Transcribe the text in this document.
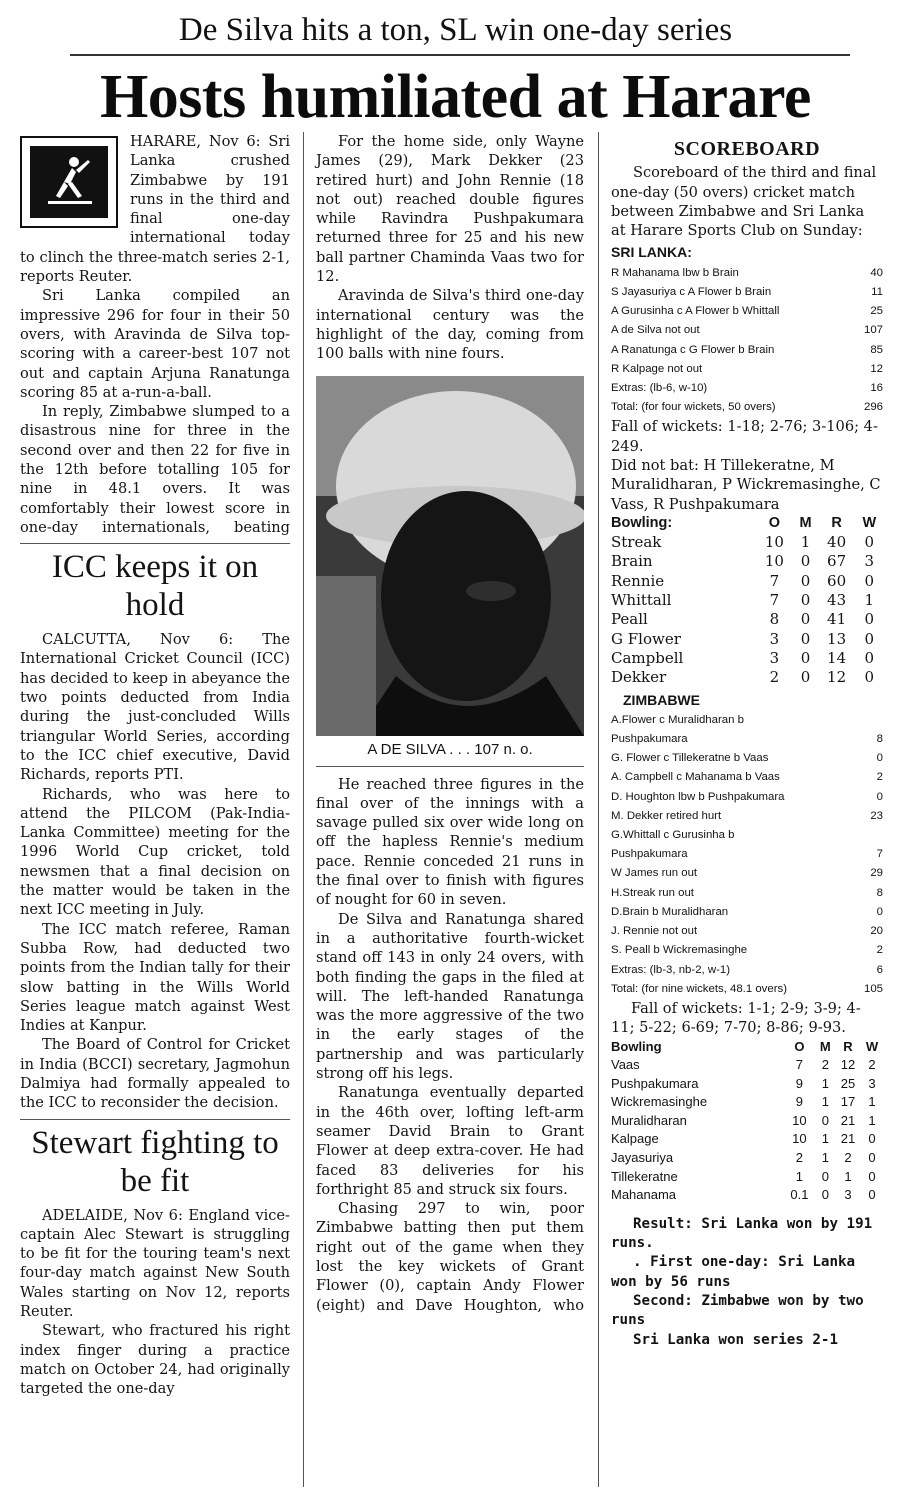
De Silva hits a ton, SL win one-day series
Hosts humiliated at Harare

HARARE, Nov 6: Sri Lanka crushed Zimbabwe by 191 runs in the third and final one-day international today to clinch the three-match series 2-1, reports Reuter.

Sri Lanka compiled an impressive 296 for four in their 50 overs, with Aravinda de Silva top-scoring with a career-best 107 not out and captain Arjuna Ranatunga scoring 85 at a-run-a-ball.

In reply, Zimbabwe slumped to a disastrous nine for three in the second over and then 22 for five in the 12th before totalling 105 for nine in 48.1 overs. It was comfortably their lowest score in one-day internationals, beating

ICC keeps it on hold

CALCUTTA, Nov 6: The International Cricket Council (ICC) has decided to keep in abeyance the two points deducted from India during the just-concluded Wills triangular World Series, according to the ICC chief executive, David Richards, reports PTI.

Richards, who was here to attend the PILCOM (Pak-India-Lanka Committee) meeting for the 1996 World Cup cricket, told newsmen that a final decision on the matter would be taken in the next ICC meeting in July.

The ICC match referee, Raman Subba Row, had deducted two points from the Indian tally for their slow batting in the Wills World Series league match against West Indies at Kanpur.

The Board of Control for Cricket in India (BCCI) secretary, Jagmohun Dalmiya had formally appealed to the ICC to reconsider the decision.

Stewart fighting to be fit

ADELAIDE, Nov 6: England vice-captain Alec Stewart is struggling to be fit for the touring team's next four-day match against New South Wales starting on Nov 12, reports Reuter.

Stewart, who fractured his right index finger during a practice match on October 24, had originally targeted the one-day

For the home side, only Wayne James (29), Mark Dekker (23 retired hurt) and John Rennie (18 not out) reached double figures while Ravindra Pushpakumara returned three for 25 and his new ball partner Chaminda Vaas two for 12.

Aravinda de Silva's third one-day international century was the highlight of the day, coming from 100 balls with nine fours.

A DE SILVA . . . 107 n. o.

He reached three figures in the final over of the innings with a savage pulled six over wide long on off the hapless Rennie's medium pace. Rennie conceded 21 runs in the final over to finish with figures of nought for 60 in seven.

De Silva and Ranatunga shared in a authoritative fourth-wicket stand off 143 in only 24 overs, with both finding the gaps in the filed at will. The left-handed Ranatunga was the more aggressive of the two in the early stages of the partnership and was particularly strong off his legs.

Ranatunga eventually departed in the 46th over, lofting left-arm seamer David Brain to Grant Flower at deep extra-cover. He had faced 83 deliveries for his forthright 85 and struck six fours.

Chasing 297 to win, poor Zimbabwe batting then put them right out of the game when they lost the key wickets of Grant Flower (0), captain Andy Flower (eight) and Dave Houghton, who

SCOREBOARD

Scoreboard of the third and final one-day (50 overs) cricket match between Zimbabwe and Sri Lanka at Harare Sports Club on Sunday:

SRI LANKA:
R Mahanama lbw b Brain	40
S Jayasuriya c A Flower b Brain	11
A Gurusinha c A Flower b Whittall	25
A de Silva not out	107
A Ranatunga c G Flower b Brain	85
R Kalpage not out	12
Extras: (lb-6, w-10)	16
Total: (for four wickets, 50 overs)	296
Fall of wickets: 1-18; 2-76; 3-106; 4-249.
Did not bat: H Tillekeratne, M Muralidharan, P Wickremasinghe, C Vass, R Pushpakumara
Bowling:	O	M	R	W
Streak	10	1	40	0
Brain	10	0	67	3
Rennie	7	0	60	0
Whittall	7	0	43	1
Peall	8	0	41	0
G Flower	3	0	13	0
Campbell	3	0	14	0
Dekker	2	0	12	0
ZIMBABWE
A.Flower c Muralidharan b
Pushpakumara	8
G. Flower c Tillekeratne b Vaas	0
A. Campbell c Mahanama b Vaas	2
D. Houghton lbw b Pushpakumara	0
M. Dekker retired hurt	23
G.Whittall c Gurusinha b
Pushpakumara	7
W James run out	29
H.Streak run out	8
D.Brain b Muralidharan	0
J. Rennie not out	20
S. Peall b Wickremasinghe	2
Extras: (lb-3, nb-2, w-1)	6
Total: (for nine wickets, 48.1 overs)	105
Fall of wickets: 1-1; 2-9; 3-9; 4-11; 5-22; 6-69; 7-70; 8-86; 9-93.
Bowling	O	M	R	W
Vaas	7	2	12	2
Pushpakumara	9	1	25	3
Wickremasinghe	9	1	17	1
Muralidharan	10	0	21	1
Kalpage	10	1	21	0
Jayasuriya	2	1	2	0
Tillekeratne	1	0	1	0
Mahanama	0.1	0	3	0
Result: Sri Lanka won by 191 runs.
. First one-day: Sri Lanka won by 56 runs
Second: Zimbabwe won by two runs
Sri Lanka won series 2-1
